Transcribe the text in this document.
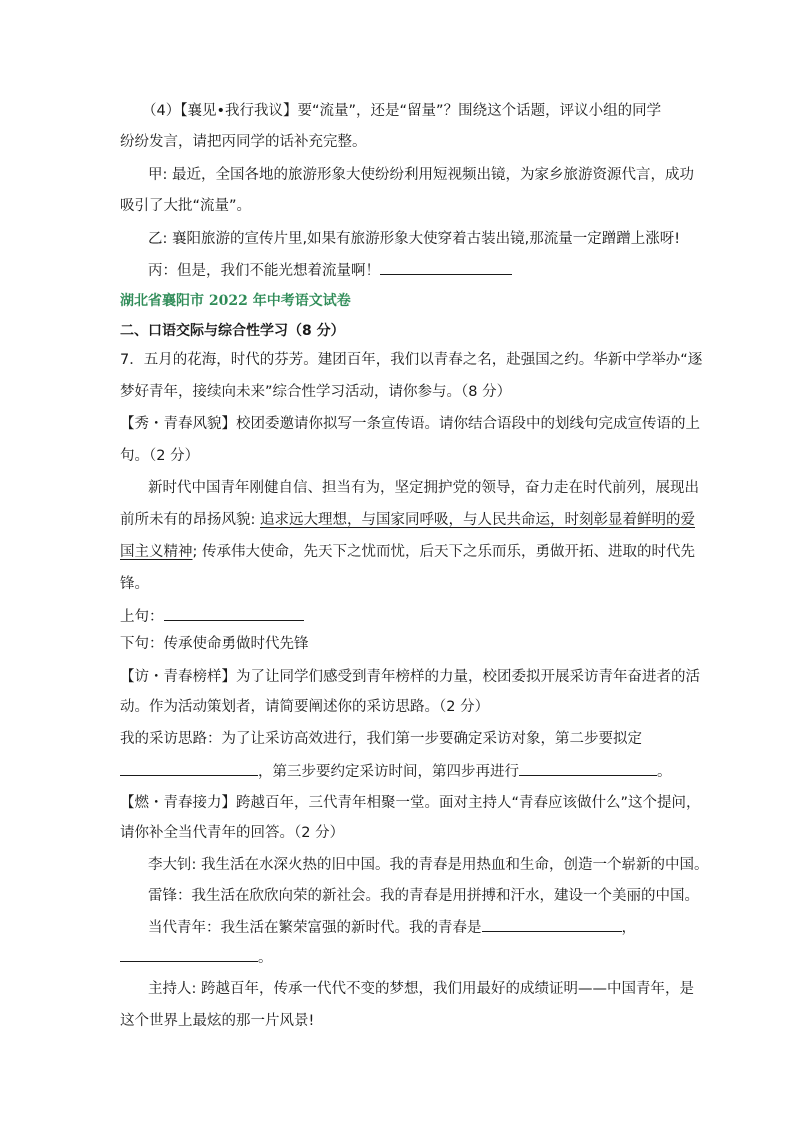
（4）【襄见•我行我议】要“流量”，还是“留量”？围绕这个话题，评议小组的同学
纷纷发言，请把丙同学的话补充完整。
甲: 最近，全国各地的旅游形象大使纷纷利用短视频出镜，为家乡旅游资源代言，成功
吸引了大批“流量”。
乙: 襄阳旅游的宣传片里,如果有旅游形象大使穿着古装出镜,那流量一定蹭蹭上涨呀!
丙：但是，我们不能光想着流量啊！
湖北省襄阳市 2022 年中考语文试卷
二、口语交际与综合性学习（8 分）
7．五月的花海，时代的芬芳。建团百年，我们以青春之名，赴强国之约。华新中学举办“逐
梦好青年，接续向未来”综合性学习活动，请你参与。（8 分）
【秀・青春风貌】校团委邀请你拟写一条宣传语。请你结合语段中的划线句完成宣传语的上
句。（2 分）
新时代中国青年刚健自信、担当有为，坚定拥护党的领导，奋力走在时代前列，展现出
前所未有的昂扬风貌: 追求远大理想，与国家同呼吸，与人民共命运，时刻彰显着鲜明的爱
国主义精神; 传承伟大使命，先天下之忧而忧，后天下之乐而乐，勇做开拓、进取的时代先
锋。
上句：
下句：传承使命勇做时代先锋
【访・青春榜样】为了让同学们感受到青年榜样的力量，校团委拟开展采访青年奋进者的活
动。作为活动策划者，请简要阐述你的采访思路。（2 分）
我的采访思路：为了让采访高效进行，我们第一步要确定采访对象，第二步要拟定
，第三步要约定采访时间，第四步再进行	。
【燃・青春接力】跨越百年，三代青年相聚一堂。面对主持人“青春应该做什么”这个提问，
请你补全当代青年的回答。（2 分）
李大钊: 我生活在水深火热的旧中国。我的青春是用热血和生命，创造一个崭新的中国。
雷锋：我生活在欣欣向荣的新社会。我的青春是用拼搏和汗水，建设一个美丽的中国。
当代青年：我生活在繁荣富强的新时代。我的青春是	，
。
主持人: 跨越百年，传承一代代不变的梦想，我们用最好的成绩证明——中国青年，是
这个世界上最炫的那一片风景!
